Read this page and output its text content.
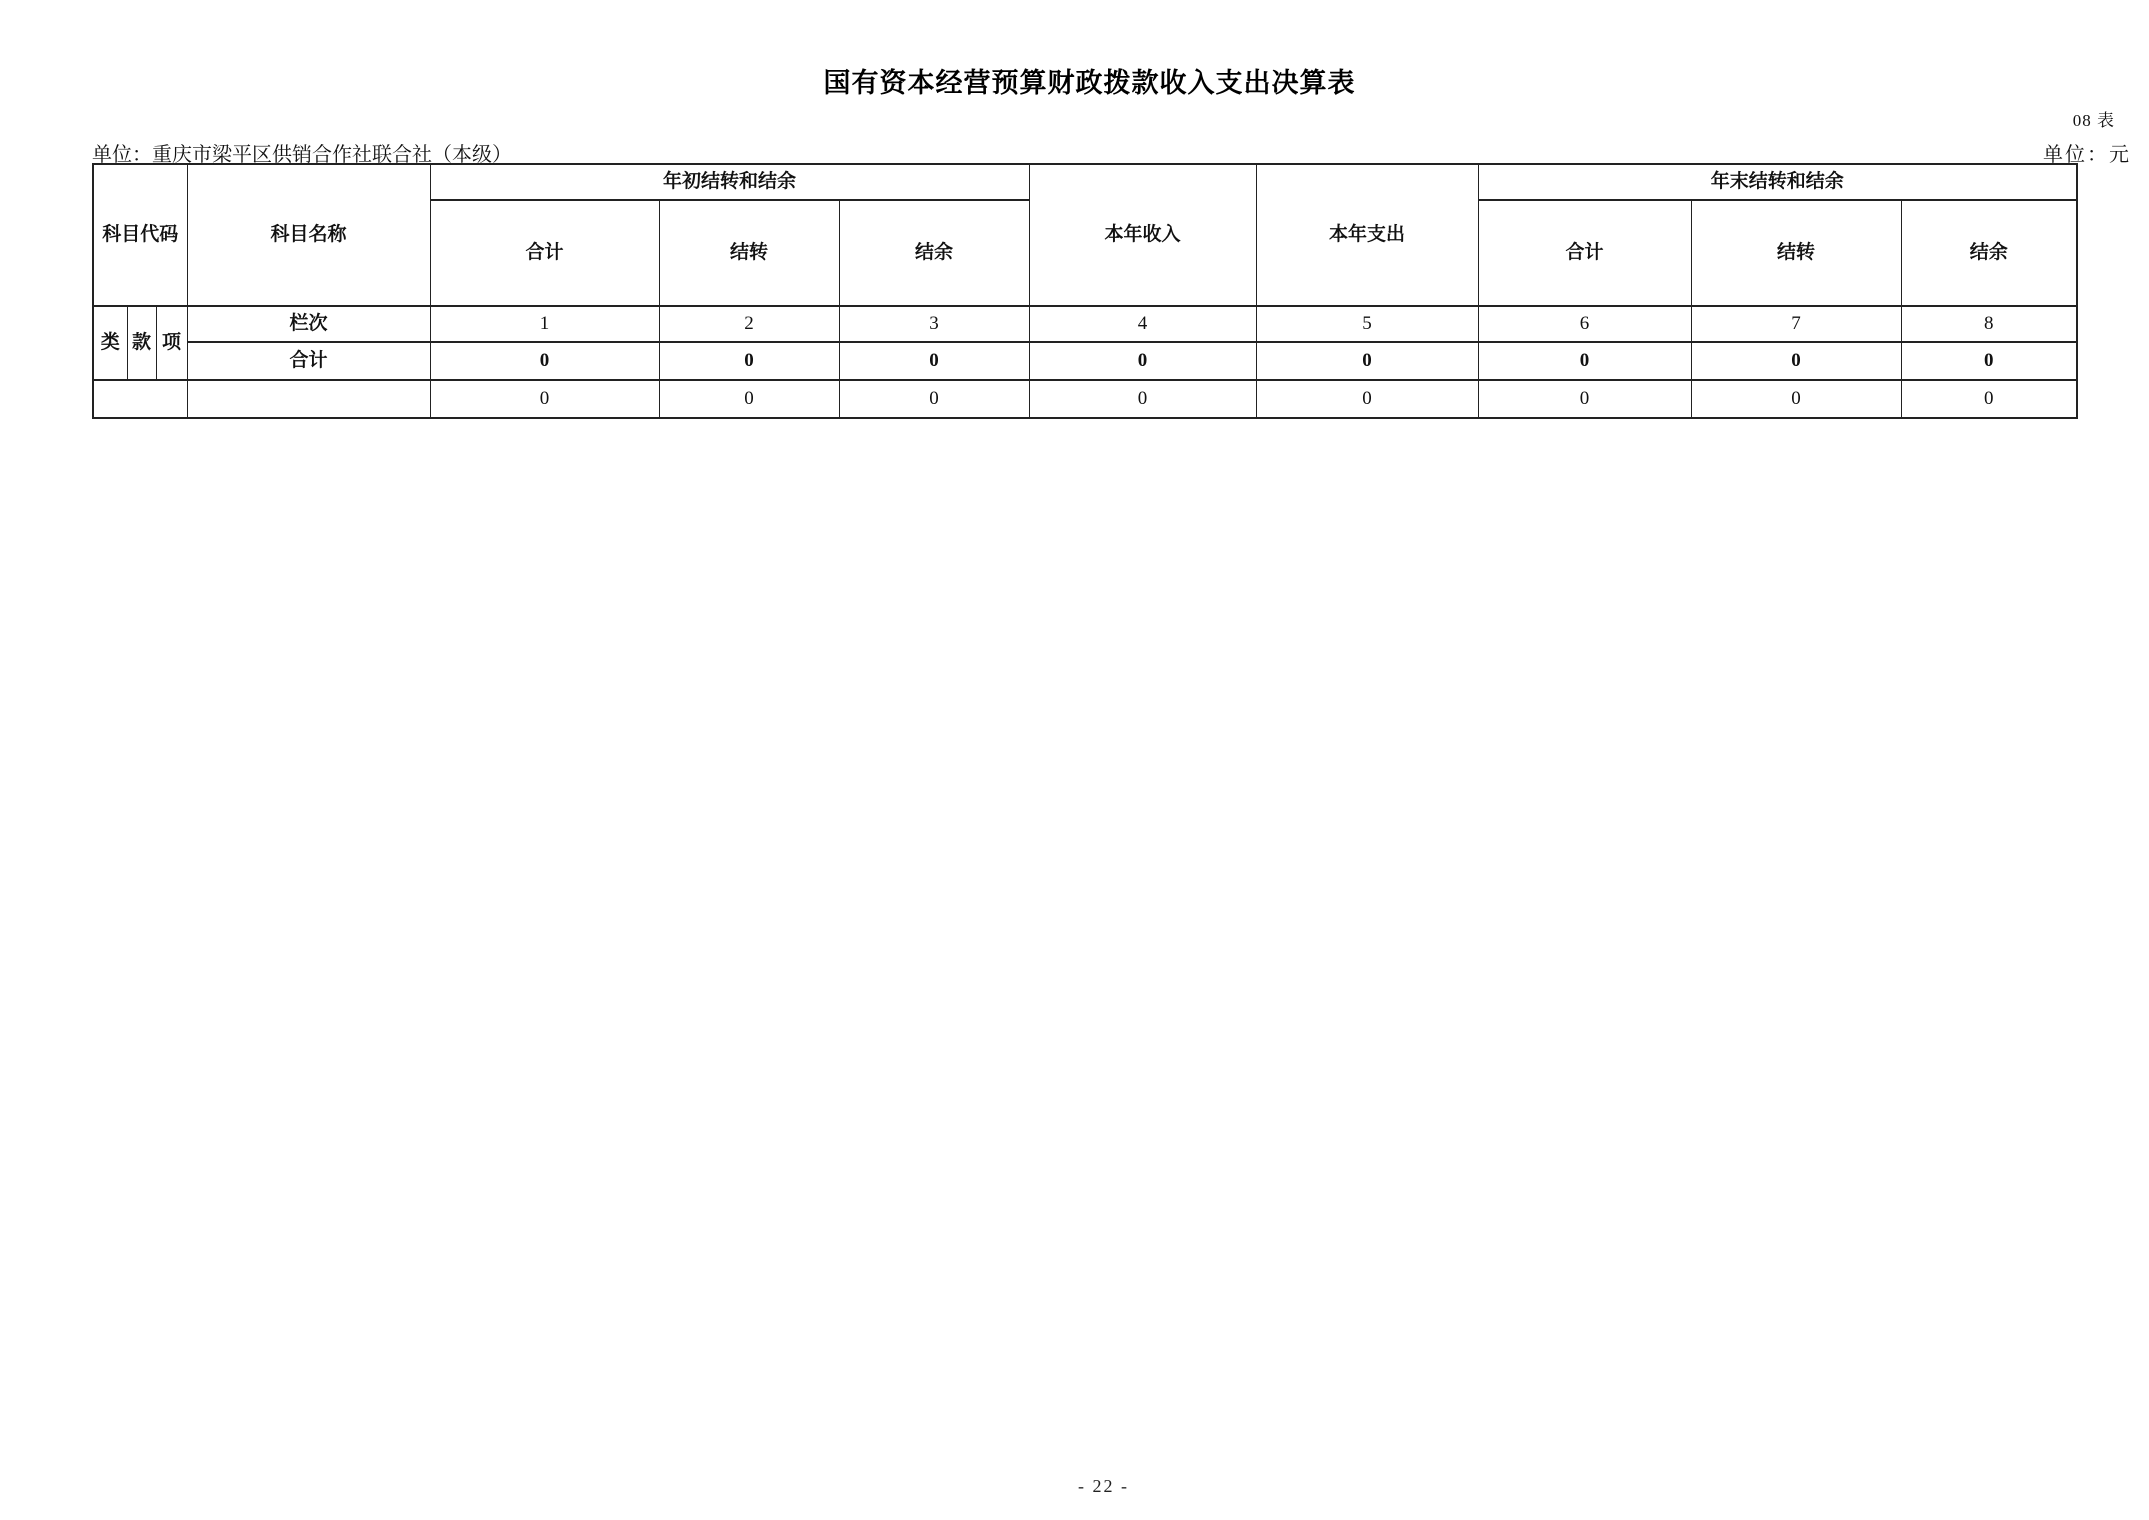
国有资本经营预算财政拨款收入支出决算表
08 表
单位：重庆市梁平区供销合作社联合社（本级）	单位：元
科目代码			科目名称	年初结转和结余			本年收入	本年支出	年末结转和结余		
				合计	结转	结余			合计	结转	结余
类	款	项	栏次	1	2	3	4	5	6	7	8
			合计	0	0	0	0	0	0	0	0
				0	0	0	0	0	0	0	0
- 22 -
